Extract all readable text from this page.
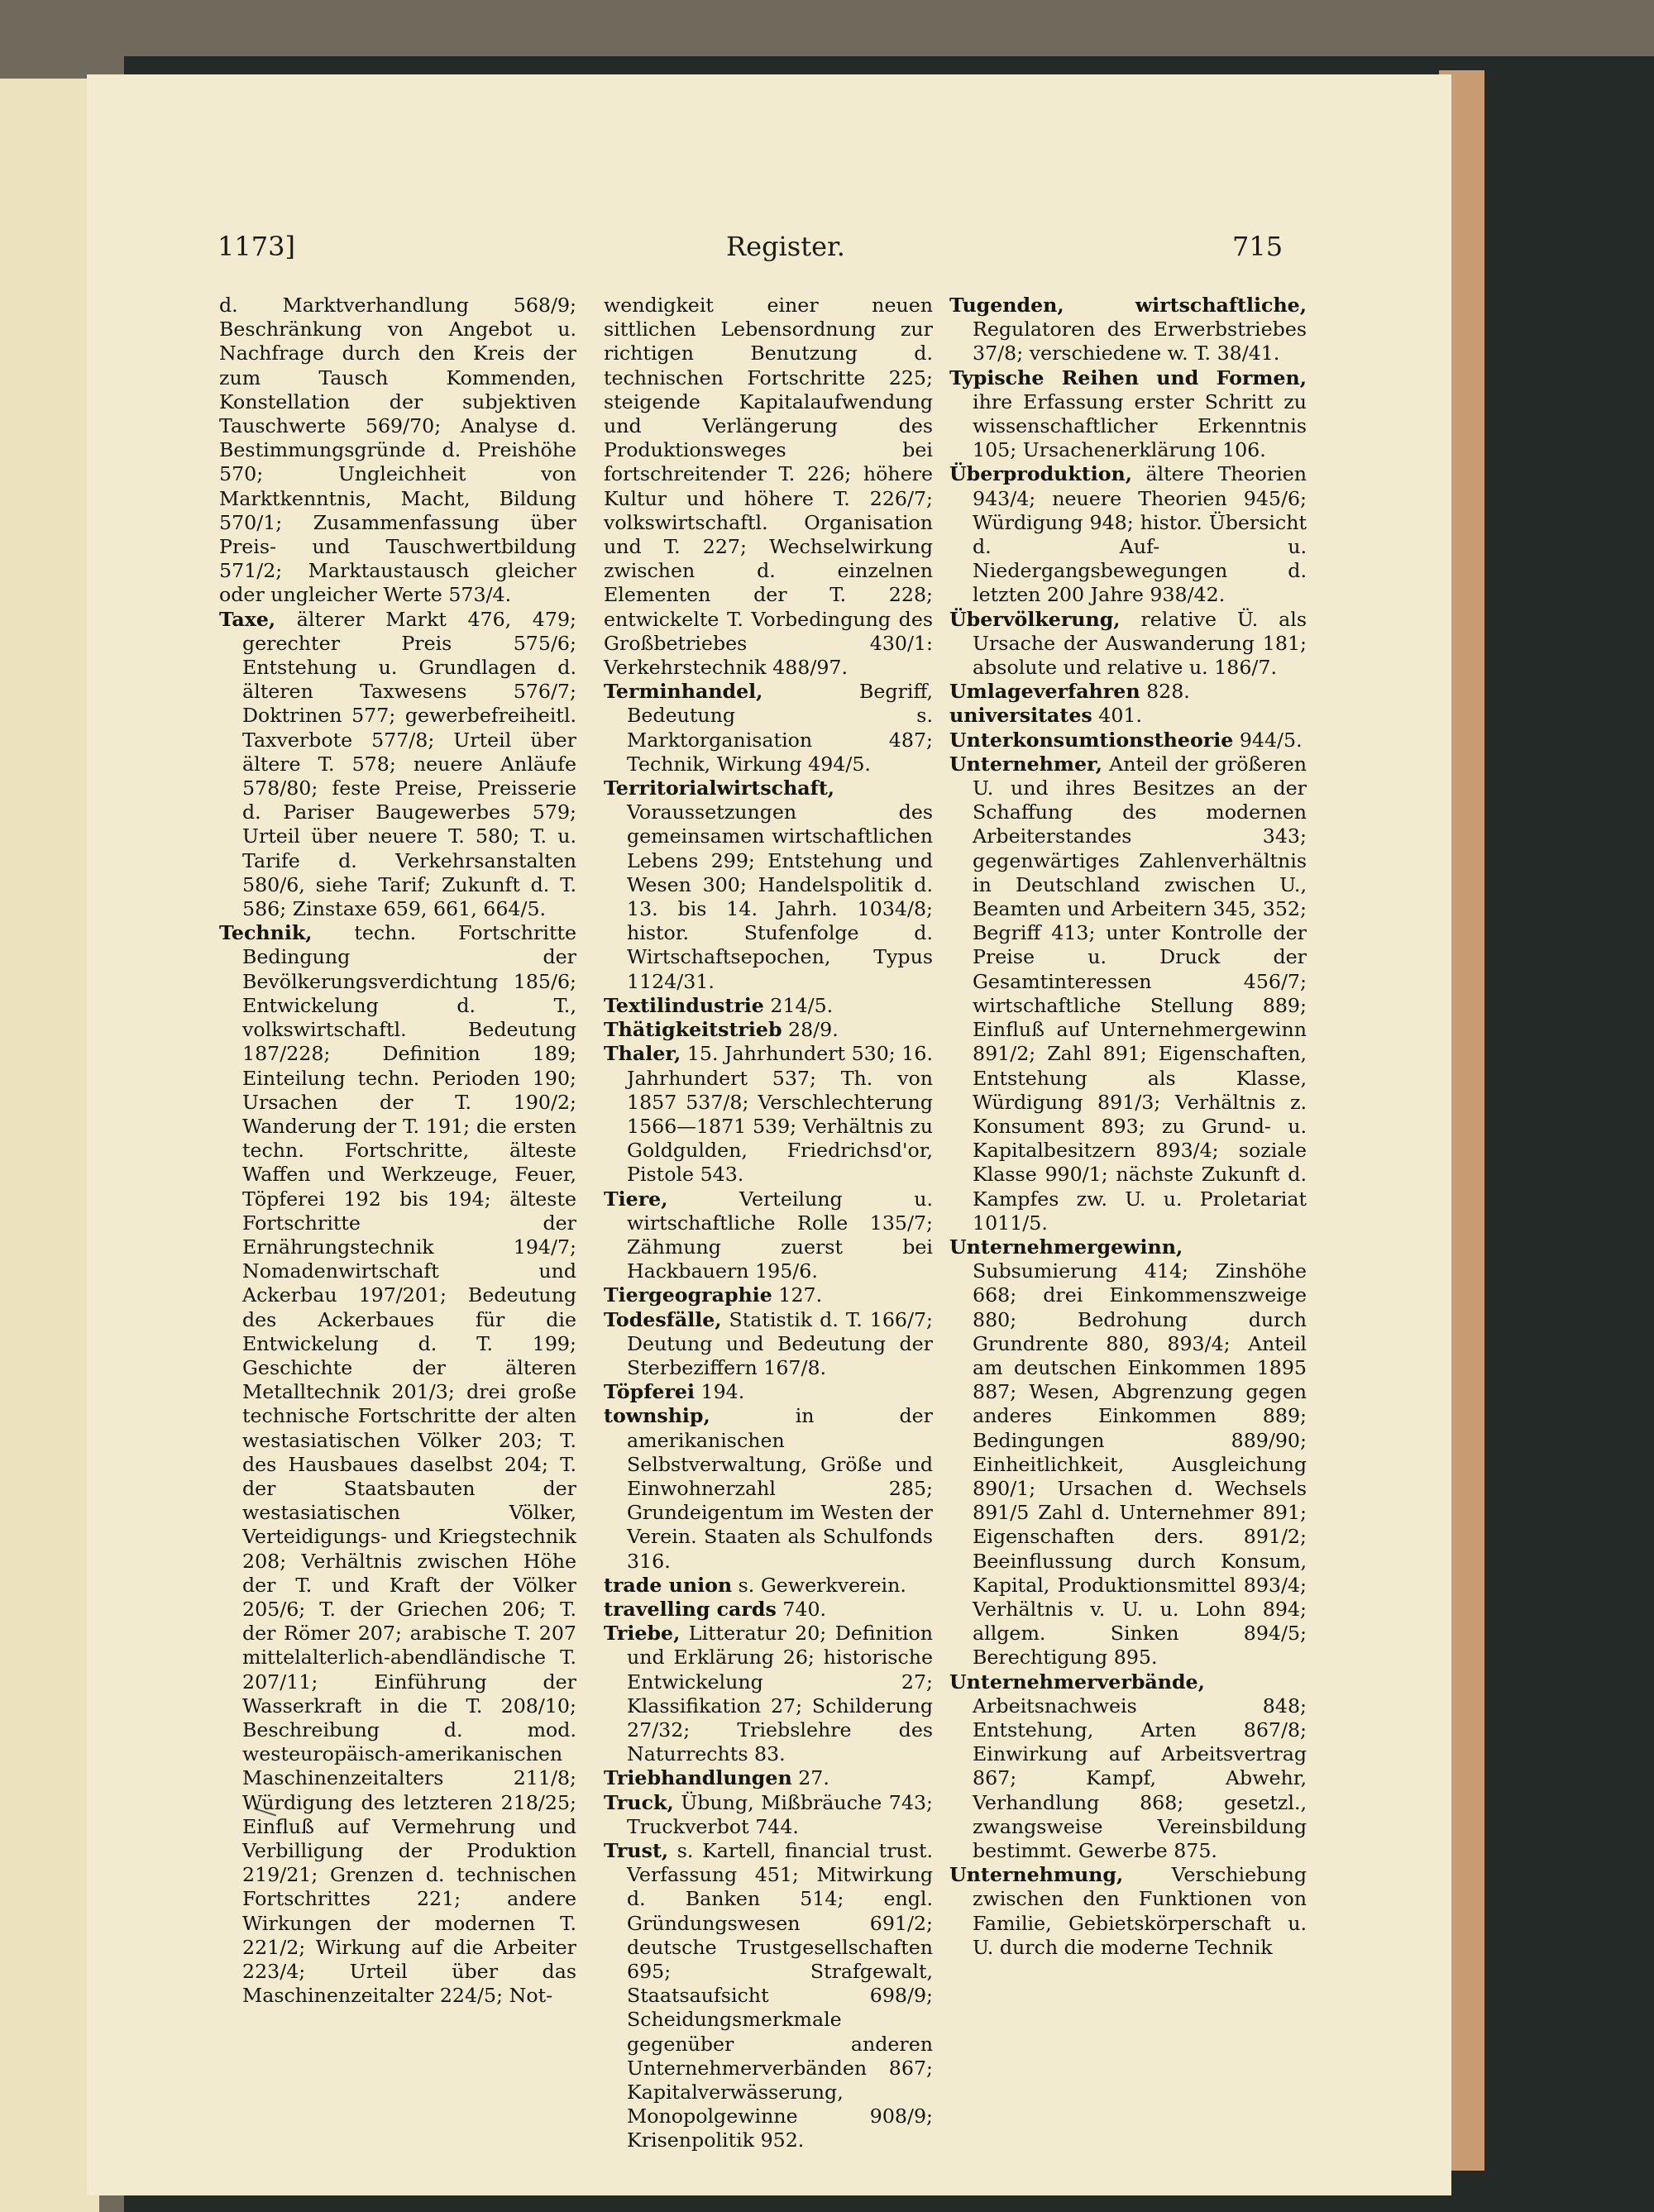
1173]	Register.	715

d. Marktverhandlung 568/9; Beschränkung von Angebot u. Nachfrage durch den Kreis der zum Tausch Kommenden, Konstellation der subjektiven Tauschwerte 569/70; Analyse d. Bestimmungsgründe d. Preishöhe 570; Ungleichheit von Marktkenntnis, Macht, Bildung 570/1; Zusammenfassung über Preis- und Tauschwertbildung 571/2; Marktaustausch gleicher oder ungleicher Werte 573/4.

Taxe, älterer Markt 476, 479; gerechter Preis 575/6; Entstehung u. Grundlagen d. älteren Taxwesens 576/7; Doktrinen 577; gewerbefreiheitl. Taxverbote 577/8; Urteil über ältere T. 578; neuere Anläufe 578/80; feste Preise, Preisserie d. Pariser Baugewerbes 579; Urteil über neuere T. 580; T. u. Tarife d. Verkehrsanstalten 580/6, siehe Tarif; Zukunft d. T. 586; Zinstaxe 659, 661, 664/5.

Technik, techn. Fortschritte Bedingung der Bevölkerungsverdichtung 185/6; Entwickelung d. T., volkswirtschaftl. Bedeutung 187/228; Definition 189; Einteilung techn. Perioden 190; Ursachen der T. 190/2; Wanderung der T. 191; die ersten techn. Fortschritte, älteste Waffen und Werkzeuge, Feuer, Töpferei 192 bis 194; älteste Fortschritte der Ernährungstechnik 194/7; Nomadenwirtschaft und Ackerbau 197/201; Bedeutung des Ackerbaues für die Entwickelung d. T. 199; Geschichte der älteren Metalltechnik 201/3; drei große technische Fortschritte der alten westasiatischen Völker 203; T. des Hausbaues daselbst 204; T. der Staatsbauten der westasiatischen Völker, Verteidigungs- und Kriegstechnik 208; Verhältnis zwischen Höhe der T. und Kraft der Völker 205/6; T. der Griechen 206; T. der Römer 207; arabische T. 207 mittelalterlich-abendländische T. 207/11; Einführung der Wasserkraft in die T. 208/10; Beschreibung d. mod. westeuropäisch-amerikanischen Maschinenzeitalters 211/8; Würdigung des letzteren 218/25; Einfluß auf Vermehrung und Verbilligung der Produktion 219/21; Grenzen d. technischen Fortschrittes 221; andere Wirkungen der modernen T. 221/2; Wirkung auf die Arbeiter 223/4; Urteil über das Maschinenzeitalter 224/5; Not-

wendigkeit einer neuen sittlichen Lebensordnung zur richtigen Benutzung d. technischen Fortschritte 225; steigende Kapitalaufwendung und Verlängerung des Produktionsweges bei fortschreitender T. 226; höhere Kultur und höhere T. 226/7; volkswirtschaftl. Organisation und T. 227; Wechselwirkung zwischen d. einzelnen Elementen der T. 228; entwickelte T. Vorbedingung des Großbetriebes 430/1: Verkehrstechnik 488/97.

Terminhandel, Begriff, Bedeutung s. Marktorganisation 487; Technik, Wirkung 494/5.

Territorialwirtschaft, Voraussetzungen des gemeinsamen wirtschaftlichen Lebens 299; Entstehung und Wesen 300; Handelspolitik d. 13. bis 14. Jahrh. 1034/8; histor. Stufenfolge d. Wirtschaftsepochen, Typus 1124/31.

Textilindustrie 214/5.

Thätigkeitstrieb 28/9.

Thaler, 15. Jahrhundert 530; 16. Jahrhundert 537; Th. von 1857 537/8; Verschlechterung 1566—1871 539; Verhältnis zu Goldgulden, Friedrichsd'or, Pistole 543.

Tiere, Verteilung u. wirtschaftliche Rolle 135/7; Zähmung zuerst bei Hackbauern 195/6.

Tiergeographie 127.

Todesfälle, Statistik d. T. 166/7; Deutung und Bedeutung der Sterbeziffern 167/8.

Töpferei 194.

township, in der amerikanischen Selbstverwaltung, Größe und Einwohnerzahl 285; Grundeigentum im Westen der Verein. Staaten als Schulfonds 316.

trade union s. Gewerkverein.

travelling cards 740.

Triebe, Litteratur 20; Definition und Erklärung 26; historische Entwickelung 27; Klassifikation 27; Schilderung 27/32; Triebslehre des Naturrechts 83.

Triebhandlungen 27.

Truck, Übung, Mißbräuche 743; Truckverbot 744.

Trust, s. Kartell, financial trust. Verfassung 451; Mitwirkung d. Banken 514; engl. Gründungswesen 691/2; deutsche Trustgesellschaften 695; Strafgewalt, Staatsaufsicht 698/9; Scheidungsmerkmale gegenüber anderen Unternehmerverbänden 867; Kapitalverwässerung, Monopolgewinne 908/9; Krisenpolitik 952.

Tugenden, wirtschaftliche, Regulatoren des Erwerbstriebes 37/8; verschiedene w. T. 38/41.

Typische Reihen und Formen, ihre Erfassung erster Schritt zu wissenschaftlicher Erkenntnis 105; Ursachenerklärung 106.

Überproduktion, ältere Theorien 943/4; neuere Theorien 945/6; Würdigung 948; histor. Übersicht d. Auf- u. Niedergangsbewegungen d. letzten 200 Jahre 938/42.

Übervölkerung, relative Ü. als Ursache der Auswanderung 181; absolute und relative u. 186/7.

Umlageverfahren 828.

universitates 401.

Unterkonsumtionstheorie 944/5.

Unternehmer, Anteil der größeren U. und ihres Besitzes an der Schaffung des modernen Arbeiterstandes 343; gegenwärtiges Zahlenverhältnis in Deutschland zwischen U., Beamten und Arbeitern 345, 352; Begriff 413; unter Kontrolle der Preise u. Druck der Gesamtinteressen 456/7; wirtschaftliche Stellung 889; Einfluß auf Unternehmergewinn 891/2; Zahl 891; Eigenschaften, Entstehung als Klasse, Würdigung 891/3; Verhältnis z. Konsument 893; zu Grund- u. Kapitalbesitzern 893/4; soziale Klasse 990/1; nächste Zukunft d. Kampfes zw. U. u. Proletariat 1011/5.

Unternehmergewinn, Subsumierung 414; Zinshöhe 668; drei Einkommenszweige 880; Bedrohung durch Grundrente 880, 893/4; Anteil am deutschen Einkommen 1895 887; Wesen, Abgrenzung gegen anderes Einkommen 889; Bedingungen 889/90; Einheitlichkeit, Ausgleichung 890/1; Ursachen d. Wechsels 891/5 Zahl d. Unternehmer 891; Eigenschaften ders. 891/2; Beeinflussung durch Konsum, Kapital, Produktionsmittel 893/4; Verhältnis v. U. u. Lohn 894; allgem. Sinken 894/5; Berechtigung 895.

Unternehmerverbände, Arbeitsnachweis 848; Entstehung, Arten 867/8; Einwirkung auf Arbeitsvertrag 867; Kampf, Abwehr, Verhandlung 868; gesetzl., zwangsweise Vereinsbildung bestimmt. Gewerbe 875.

Unternehmung, Verschiebung zwischen den Funktionen von Familie, Gebietskörperschaft u. U. durch die moderne Technik
